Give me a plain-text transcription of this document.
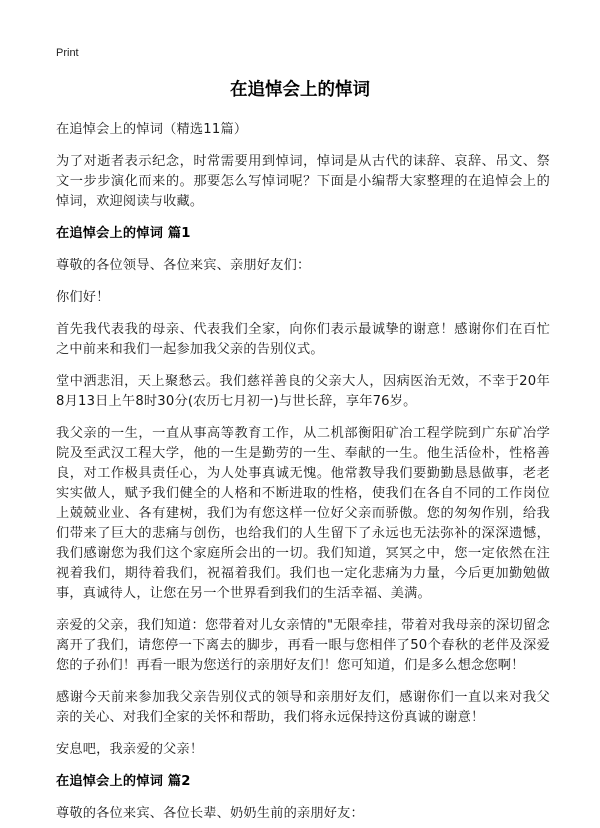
Print
在追悼会上的悼词

在追悼会上的悼词（精选11篇）

为了对逝者表示纪念，时常需要用到悼词，悼词是从古代的诔辞、哀辞、吊文、祭文一步步演化而来的。那要怎么写悼词呢？下面是小编帮大家整理的在追悼会上的悼词，欢迎阅读与收藏。

在追悼会上的悼词 篇1

尊敬的各位领导、各位来宾、亲朋好友们：

你们好！

首先我代表我的母亲、代表我们全家，向你们表示最诚挚的谢意！感谢你们在百忙之中前来和我们一起参加我父亲的告别仪式。

堂中洒悲泪，天上聚愁云。我们慈祥善良的父亲大人，因病医治无效，不幸于20年8月13日上午8时30分(农历七月初一)与世长辞，享年76岁。

我父亲的一生，一直从事高等教育工作，从二机部衡阳矿冶工程学院到广东矿冶学院及至武汉工程大学，他的一生是勤劳的一生、奉献的一生。他生活俭朴，性格善良，对工作极具责任心，为人处事真诚无愧。他常教导我们要勤勤恳恳做事，老老实实做人，赋予我们健全的人格和不断进取的性格，使我们在各自不同的工作岗位上兢兢业业、各有建树，我们为有您这样一位好父亲而骄傲。您的匆匆作别，给我们带来了巨大的悲痛与创伤，也给我们的人生留下了永远也无法弥补的深深遗憾，我们感谢您为我们这个家庭所会出的一切。我们知道，冥冥之中，您一定依然在注视着我们，期待着我们，祝福着我们。我们也一定化悲痛为力量，今后更加勤勉做事，真诚待人，让您在另一个世界看到我们的生活幸福、美满。

亲爱的父亲，我们知道：您带着对儿女亲情的"无限牵挂，带着对我母亲的深切留念离开了我们，请您停一下离去的脚步，再看一眼与您相伴了50个春秋的老伴及深爱您的子孙们！再看一眼为您送行的亲朋好友们！您可知道，们是多么想念您啊！

感谢今天前来参加我父亲告别仪式的领导和亲朋好友们，感谢你们一直以来对我父亲的关心、对我们全家的关怀和帮助，我们将永远保持这份真诚的谢意！

安息吧，我亲爱的父亲！

在追悼会上的悼词 篇2

尊敬的各位来宾、各位长辈、奶奶生前的亲朋好友：
